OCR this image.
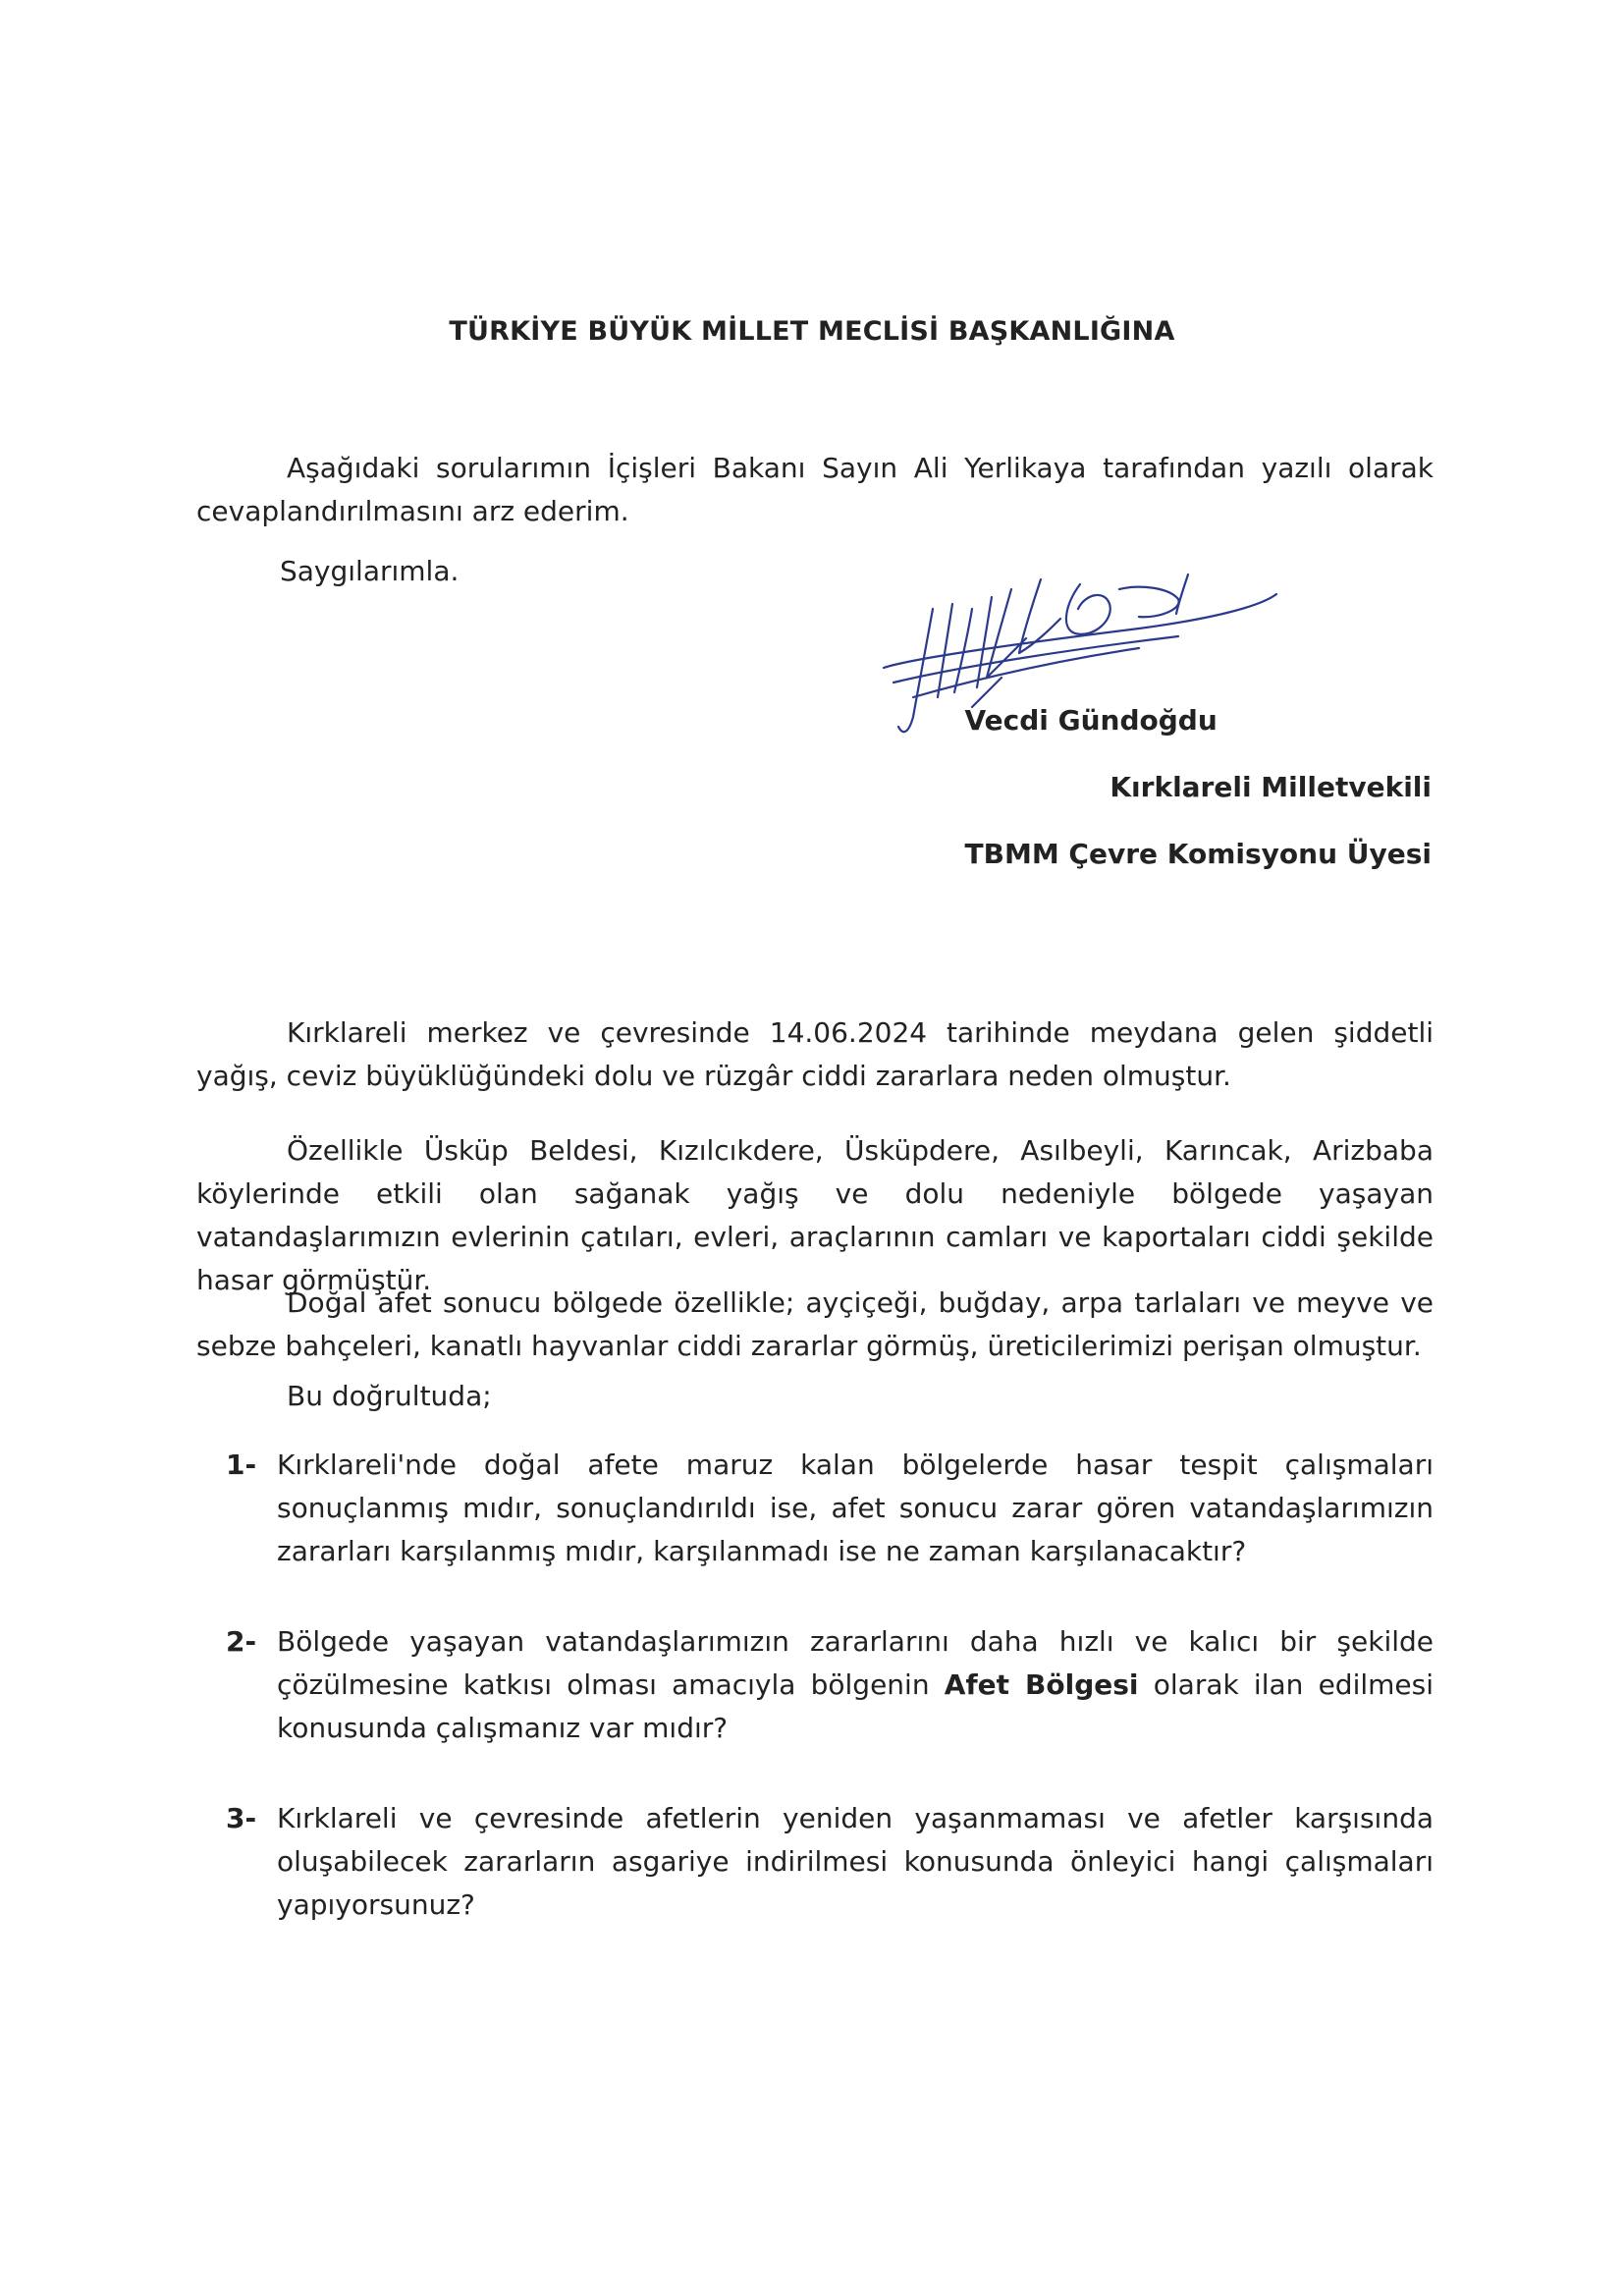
TÜRKİYE BÜYÜK MİLLET MECLİSİ BAŞKANLIĞINA

Aşağıdaki sorularımın İçişleri Bakanı Sayın Ali Yerlikaya tarafından yazılı olarak cevaplandırılmasını arz ederim.

Saygılarımla.

Vecdi Gündoğdu
Kırklareli Milletvekili
TBMM Çevre Komisyonu Üyesi

Kırklareli merkez ve çevresinde 14.06.2024 tarihinde meydana gelen şiddetli yağış, ceviz büyüklüğündeki dolu ve rüzgâr ciddi zararlara neden olmuştur.

Özellikle Üsküp Beldesi, Kızılcıkdere, Üsküpdere, Asılbeyli, Karıncak, Arizbaba köylerinde etkili olan sağanak yağış ve dolu nedeniyle bölgede yaşayan vatandaşlarımızın evlerinin çatıları, evleri, araçlarının camları ve kaportaları ciddi şekilde hasar görmüştür.

Doğal afet sonucu bölgede özellikle; ayçiçeği, buğday, arpa tarlaları ve meyve ve sebze bahçeleri, kanatlı hayvanlar ciddi zararlar görmüş, üreticilerimizi perişan olmuştur.

Bu doğrultuda;

1- Kırklareli'nde doğal afete maruz kalan bölgelerde hasar tespit çalışmaları sonuçlanmış mıdır, sonuçlandırıldı ise, afet sonucu zarar gören vatandaşlarımızın zararları karşılanmış mıdır, karşılanmadı ise ne zaman karşılanacaktır?
2- Bölgede yaşayan vatandaşlarımızın zararlarını daha hızlı ve kalıcı bir şekilde çözülmesine katkısı olması amacıyla bölgenin Afet Bölgesi olarak ilan edilmesi konusunda çalışmanız var mıdır?
3- Kırklareli ve çevresinde afetlerin yeniden yaşanmaması ve afetler karşısında oluşabilecek zararların asgariye indirilmesi konusunda önleyici hangi çalışmaları yapıyorsunuz?
